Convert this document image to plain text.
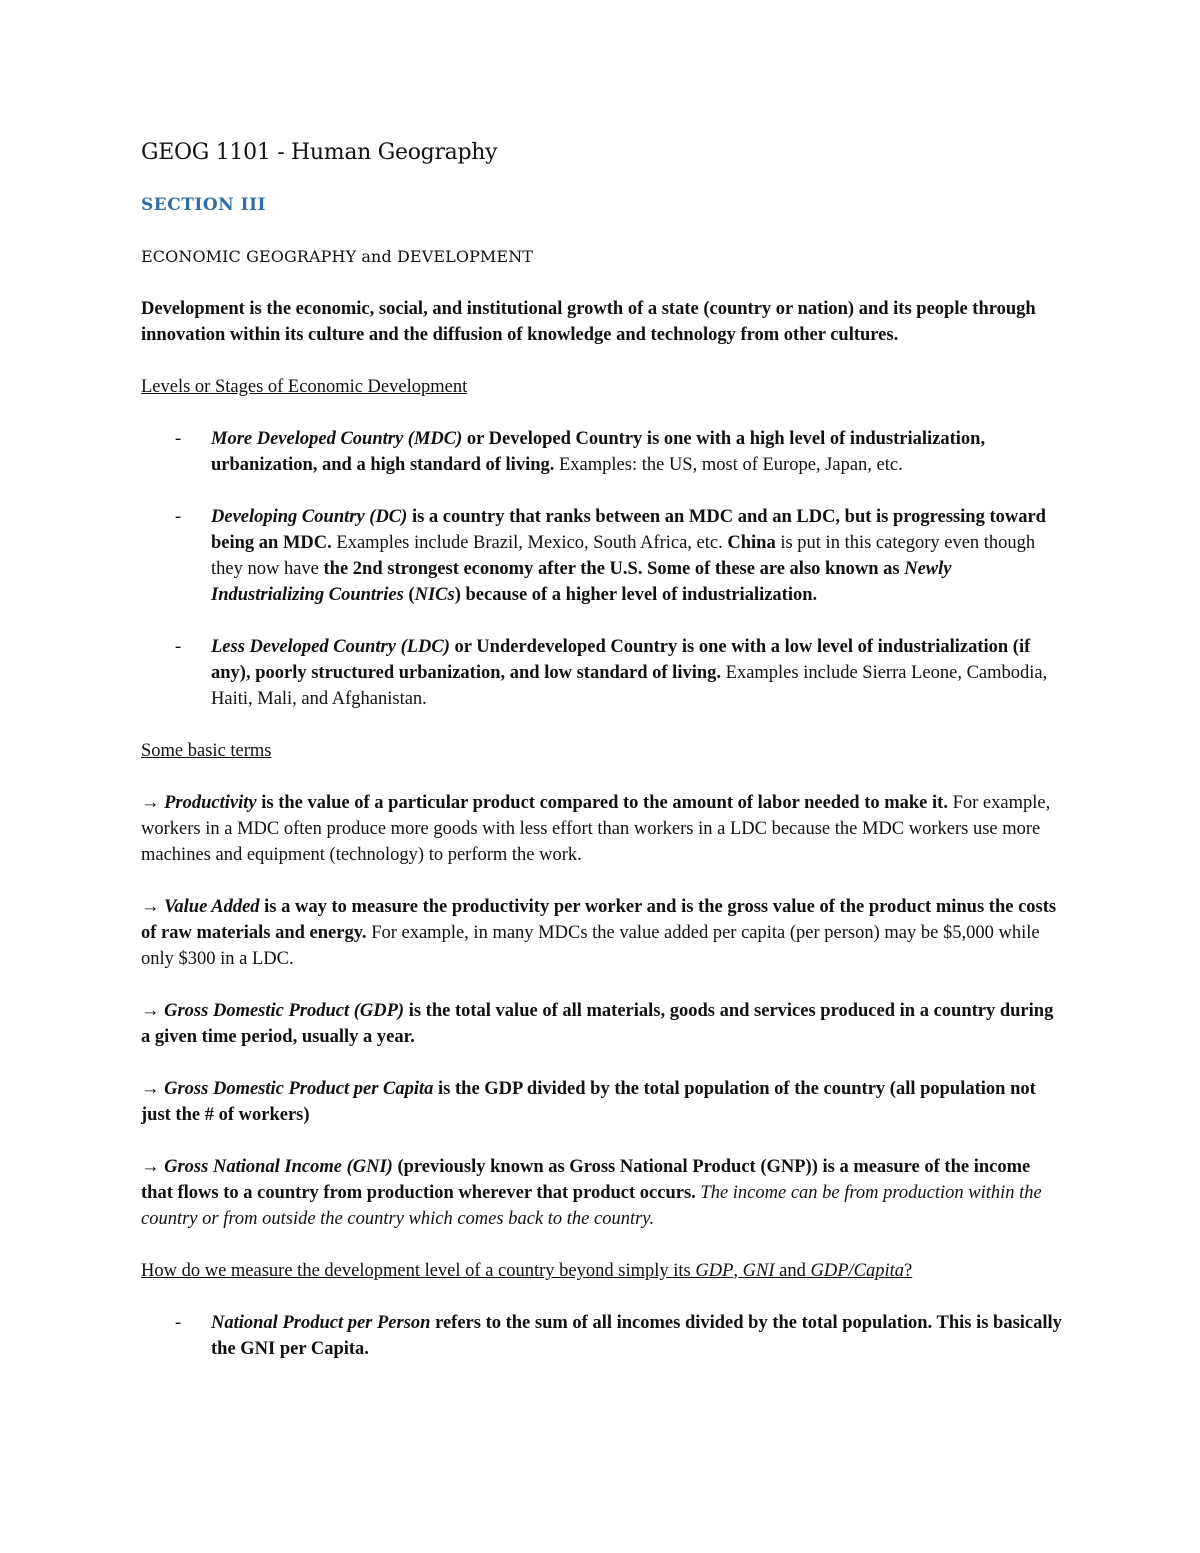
GEOG 1101 - Human Geography

SECTION III

ECONOMIC GEOGRAPHY and DEVELOPMENT

Development is the economic, social, and institutional growth of a state (country or nation) and its people through innovation within its culture and the diffusion of knowledge and technology from other cultures.

Levels or Stages of Economic Development

- More Developed Country (MDC) or Developed Country is one with a high level of industrialization, urbanization, and a high standard of living. Examples: the US, most of Europe, Japan, etc.
- Developing Country (DC) is a country that ranks between an MDC and an LDC, but is progressing toward being an MDC. Examples include Brazil, Mexico, South Africa, etc. China is put in this category even though they now have the 2nd strongest economy after the U.S. Some of these are also known as Newly Industrializing Countries (NICs) because of a higher level of industrialization.
- Less Developed Country (LDC) or Underdeveloped Country is one with a low level of industrialization (if any), poorly structured urbanization, and low standard of living. Examples include Sierra Leone, Cambodia, Haiti, Mali, and Afghanistan.

Some basic terms

→ Productivity is the value of a particular product compared to the amount of labor needed to make it. For example, workers in a MDC often produce more goods with less effort than workers in a LDC because the MDC workers use more machines and equipment (technology) to perform the work.

→ Value Added is a way to measure the productivity per worker and is the gross value of the product minus the costs of raw materials and energy. For example, in many MDCs the value added per capita (per person) may be $5,000 while only $300 in a LDC.

→ Gross Domestic Product (GDP) is the total value of all materials, goods and services produced in a country during a given time period, usually a year.

→ Gross Domestic Product per Capita is the GDP divided by the total population of the country (all population not just the # of workers)

→ Gross National Income (GNI) (previously known as Gross National Product (GNP)) is a measure of the income that flows to a country from production wherever that product occurs. The income can be from production within the country or from outside the country which comes back to the country.

How do we measure the development level of a country beyond simply its GDP, GNI and GDP/Capita?

- National Product per Person refers to the sum of all incomes divided by the total population. This is basically the GNI per Capita.
